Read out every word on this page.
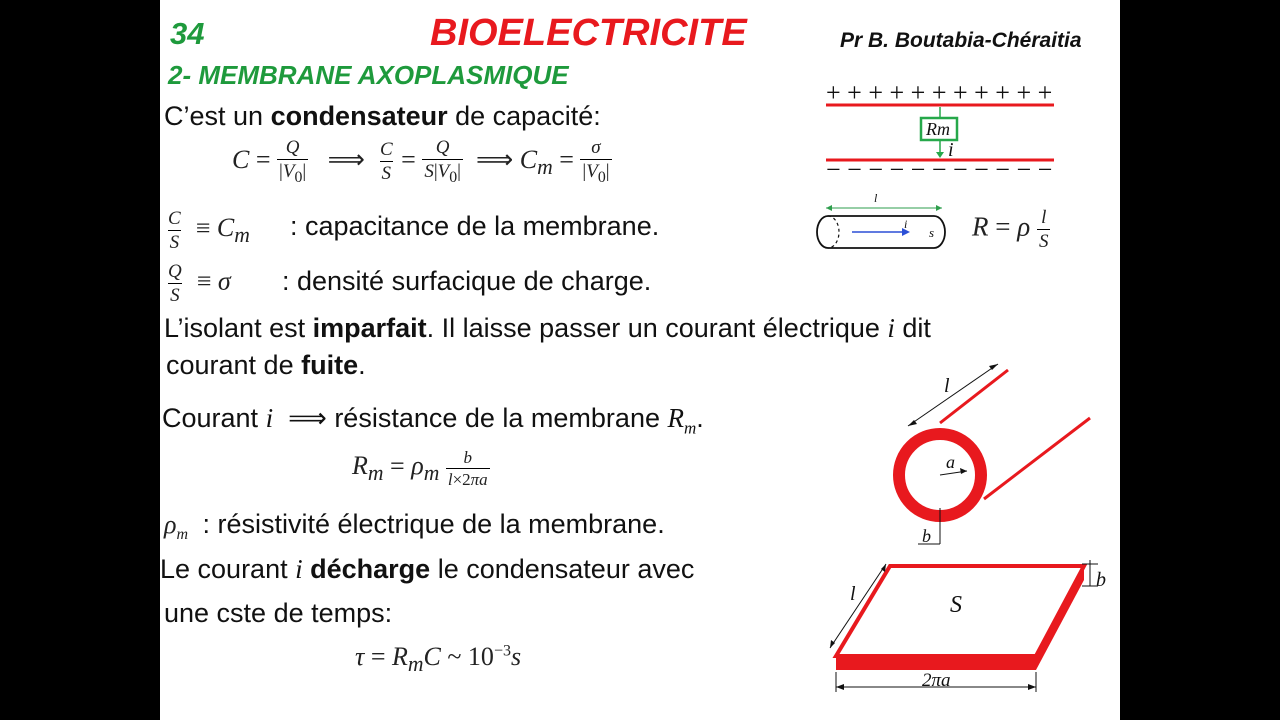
34	BIOELECTRICITE	Pr B. Boutabia-Chéraitia
2- MEMBRANE AXOPLASMIQUE
C’est un condensateur de capacité:
$C = \frac{Q}{|V_0|}$ ⟹ $\frac{C}{S} = \frac{Q}{S|V_0|}$ ⟹ $C_m = \frac{\sigma}{|V_0|}$
$\frac{C}{S} \equiv C_m$ : capacitance de la membrane.
$\frac{Q}{S} \equiv \sigma$ : densité surfacique de charge.
L’isolant est imparfait. Il laisse passer un courant électrique i dit
courant de fuite.
Courant i ⟹ résistance de la membrane $R_m$.
$R_m = \rho_m \frac{b}{l\times 2\pi a}$
$\rho_m$ : résistivité électrique de la membrane.
Le courant i décharge le condensateur avec
une cste de temps:
$\tau = R_mC$ ~ $10^{-3}s$
+ + + + + + + + + + +
Rm
i
− − − − − − − − − − −
l
i
s R = ρ $\frac{l}{S}$
l
a
b
S
l
b
2πa
